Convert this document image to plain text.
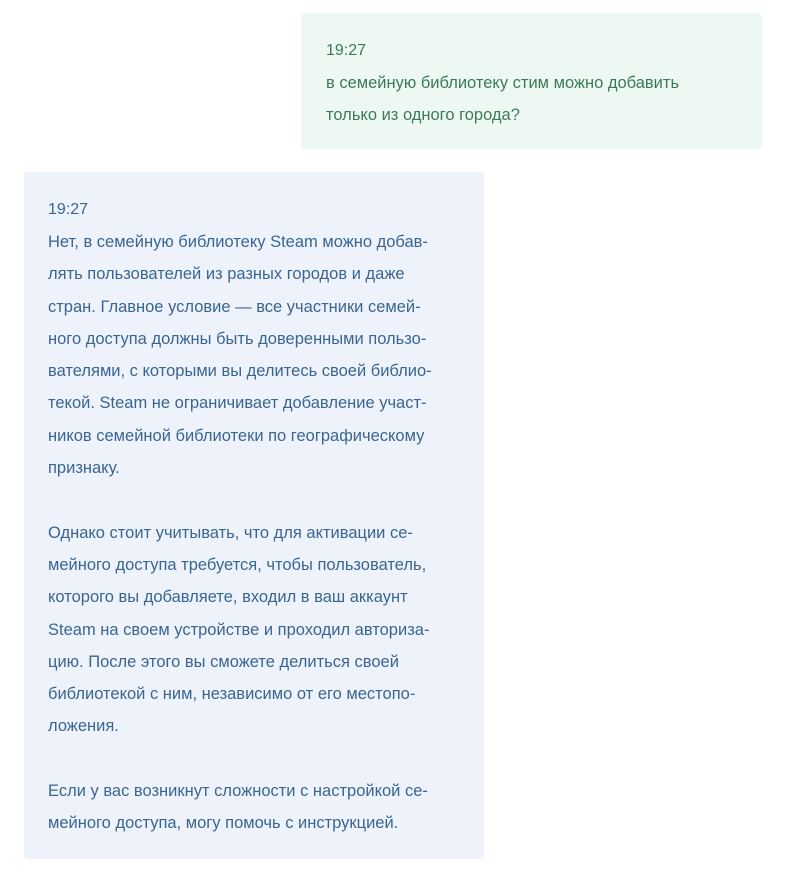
19:27
в семейную библиотеку стим можно добавить
только из одного города?
19:27
Нет, в семейную библиотеку Steam можно добав-
лять пользователей из разных городов и даже
стран. Главное условие — все участники семей-
ного доступа должны быть доверенными пользо-
вателями, с которыми вы делитесь своей библио-
текой. Steam не ограничивает добавление участ-
ников семейной библиотеки по географическому
признаку.
Однако стоит учитывать, что для активации се-
мейного доступа требуется, чтобы пользователь,
которого вы добавляете, входил в ваш аккаунт
Steam на своем устройстве и проходил авториза-
цию. После этого вы сможете делиться своей
библиотекой с ним, независимо от его местопо-
ложения.
Если у вас возникнут сложности с настройкой се-
мейного доступа, могу помочь с инструкцией.
